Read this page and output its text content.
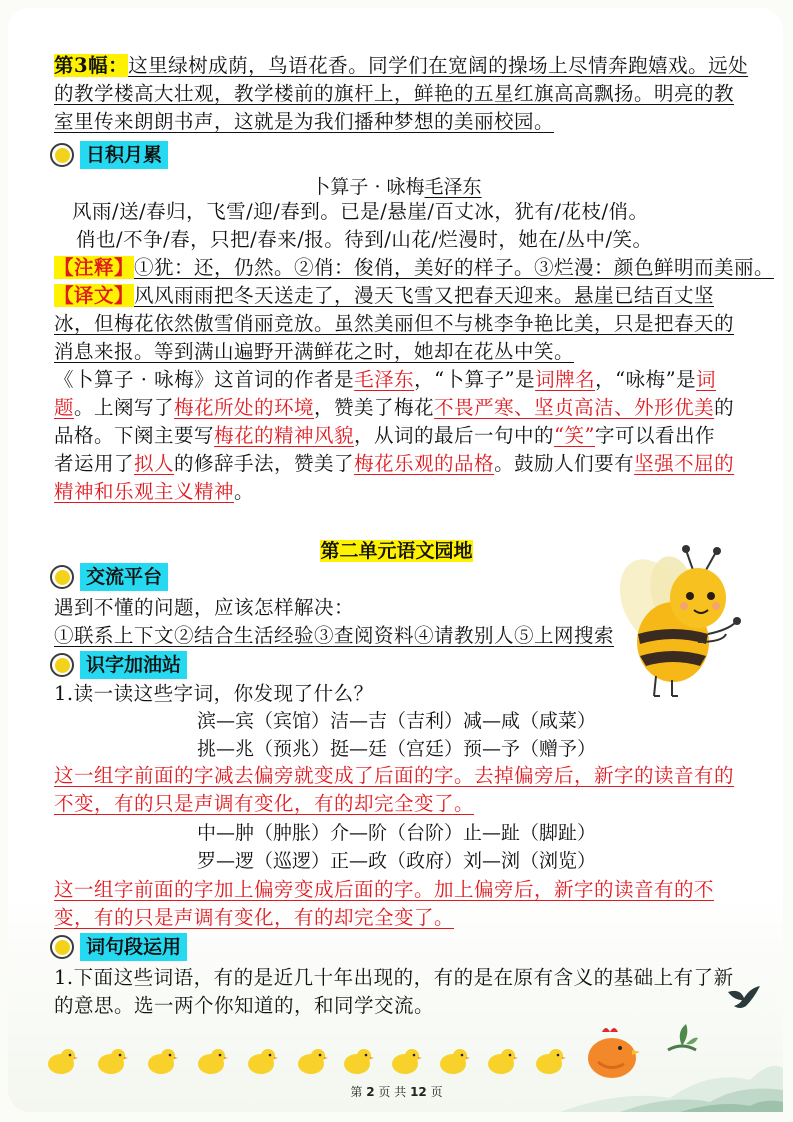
第3幅：这里绿树成荫，鸟语花香。同学们在宽阔的操场上尽情奔跑嬉戏。远处
的教学楼高大壮观，教学楼前的旗杆上，鲜艳的五星红旗高高飘扬。明亮的教
室里传来朗朗书声，这就是为我们播种梦想的美丽校园。
日积月累
卜算子 · 咏梅毛泽东
风雨/送/春归，飞雪/迎/春到。已是/悬崖/百丈冰，犹有/花枝/俏。
俏也/不争/春，只把/春来/报。待到/山花/烂漫时，她在/丛中/笑。
【注释】①犹：还，仍然。②俏：俊俏，美好的样子。③烂漫：颜色鲜明而美丽。
【译文】风风雨雨把冬天送走了，漫天飞雪又把春天迎来。悬崖已结百丈坚
冰，但梅花依然傲雪俏丽竞放。虽然美丽但不与桃李争艳比美，只是把春天的
消息来报。等到满山遍野开满鲜花之时，她却在花丛中笑。
《卜算子 · 咏梅》这首词的作者是毛泽东，“卜算子”是词牌名，“咏梅”是词
题。上阕写了梅花所处的环境，赞美了梅花不畏严寒、坚贞高洁、外形优美的
品格。下阕主要写梅花的精神风貌，从词的最后一句中的“笑”字可以看出作
者运用了拟人的修辞手法，赞美了梅花乐观的品格。鼓励人们要有坚强不屈的
精神和乐观主义精神。
第二单元语文园地
交流平台
遇到不懂的问题，应该怎样解决：
①联系上下文②结合生活经验③查阅资料④请教别人⑤上网搜索
识字加油站
1.读一读这些字词，你发现了什么？
滨—宾（宾馆）洁—吉（吉利）减—咸（咸菜）
挑—兆（预兆）挺—廷（宫廷）预—予（赠予）
这一组字前面的字减去偏旁就变成了后面的字。去掉偏旁后，新字的读音有的
不变，有的只是声调有变化，有的却完全变了。
中—肿（肿胀）介—阶（台阶）止—趾（脚趾）
罗—逻（巡逻）正—政（政府）刘—浏（浏览）
这一组字前面的字加上偏旁变成后面的字。加上偏旁后，新字的读音有的不
变，有的只是声调有变化，有的却完全变了。
词句段运用
1.下面这些词语，有的是近几十年出现的，有的是在原有含义的基础上有了新
的意思。选一两个你知道的，和同学交流。
第 2 页 共 12 页
